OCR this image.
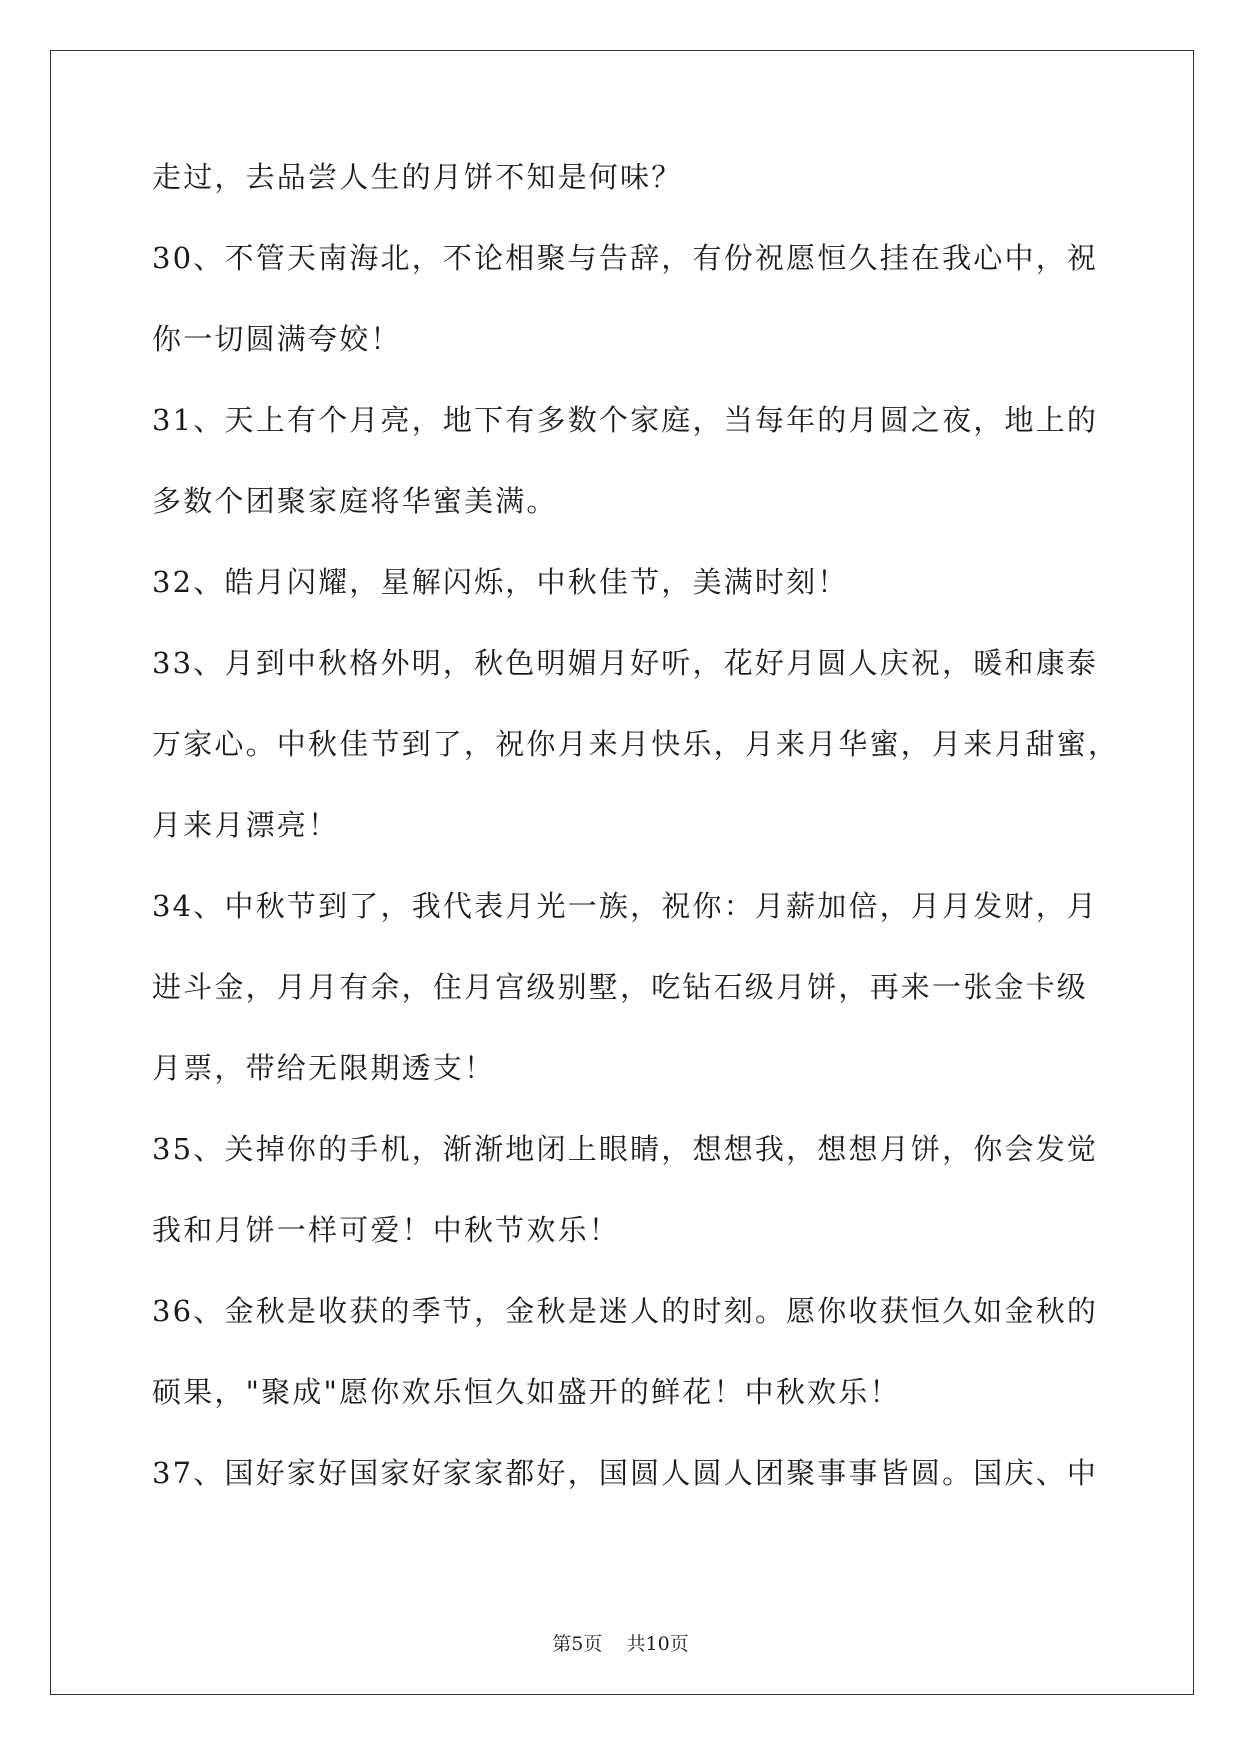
走过，去品尝人生的月饼不知是何味？
30、不管天南海北，不论相聚与告辞，有份祝愿恒久挂在我心中，祝
你一切圆满夸姣！
31、天上有个月亮，地下有多数个家庭，当每年的月圆之夜，地上的
多数个团聚家庭将华蜜美满。
32、皓月闪耀，星解闪烁，中秋佳节，美满时刻！
33、月到中秋格外明，秋色明媚月好听，花好月圆人庆祝，暖和康泰
万家心。中秋佳节到了，祝你月来月快乐，月来月华蜜，月来月甜蜜，
月来月漂亮！
34、中秋节到了，我代表月光一族，祝你：月薪加倍，月月发财，月
进斗金，月月有余，住月宫级别墅，吃钻石级月饼，再来一张金卡级
月票，带给无限期透支！
35、关掉你的手机，渐渐地闭上眼睛，想想我，想想月饼，你会发觉
我和月饼一样可爱！中秋节欢乐！
36、金秋是收获的季节，金秋是迷人的时刻。愿你收获恒久如金秋的
硕果，"聚成"愿你欢乐恒久如盛开的鲜花！中秋欢乐！
37、国好家好国家好家家都好，国圆人圆人团聚事事皆圆。国庆、中
第5页 共10页
